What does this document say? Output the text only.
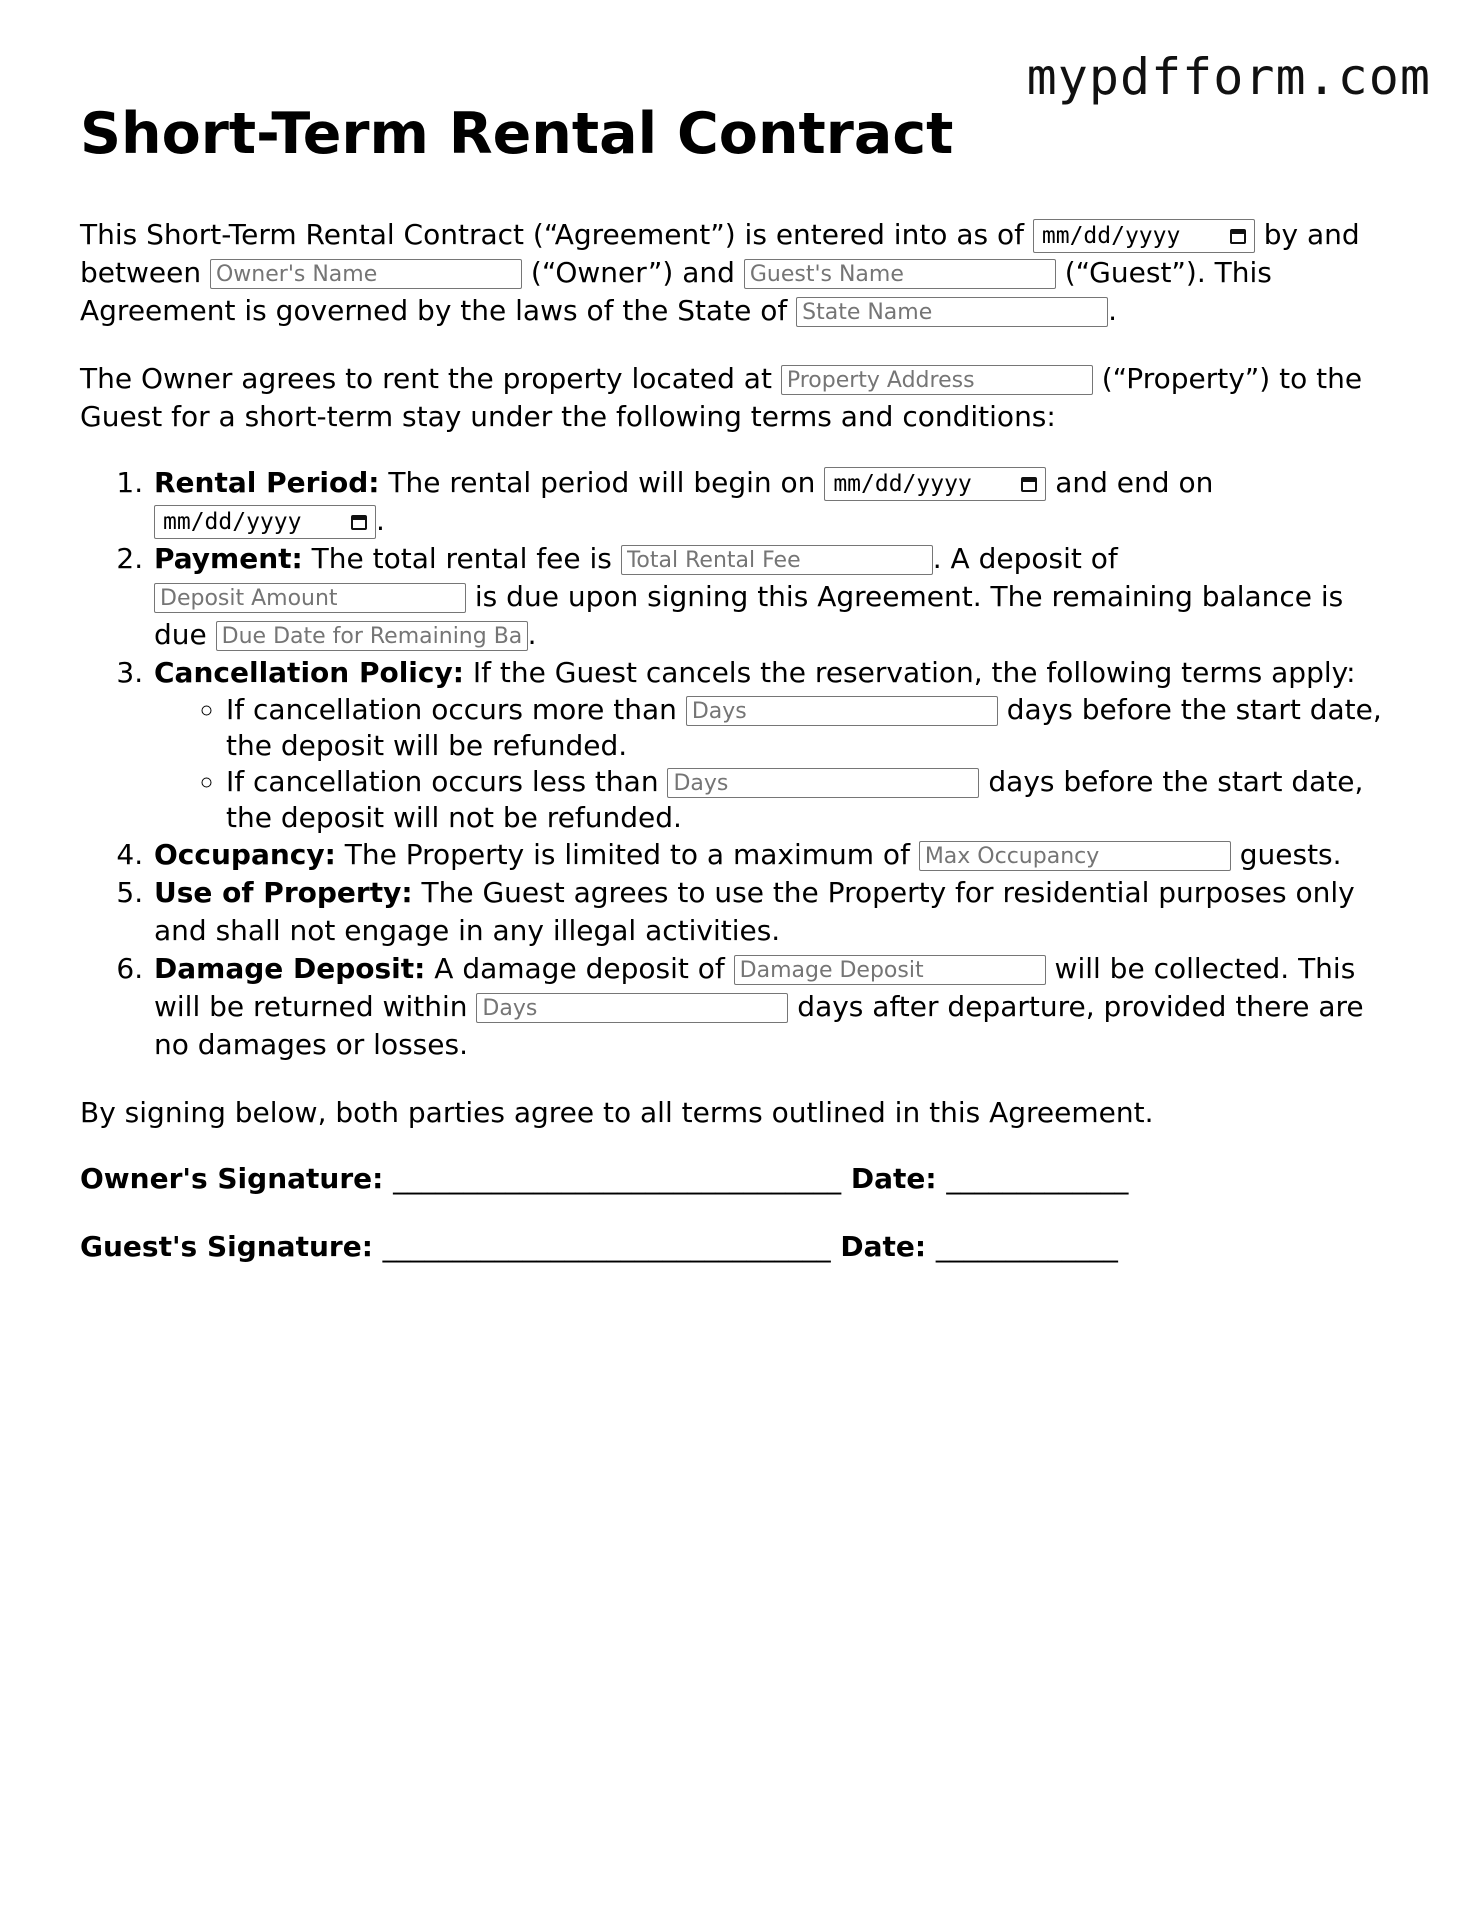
mypdfform.com
Short-Term Rental Contract

This Short-Term Rental Contract (“Agreement”) is entered into as of mm/dd/yyyy	by and between Owner's Name	(“Owner”) and Guest's Name	(“Guest”). This Agreement is governed by the laws of the State of State Name	.

The Owner agrees to rent the property located at Property Address	(“Property”) to the Guest for a short-term stay under the following terms and conditions:

1. Rental Period: The rental period will begin on mm/dd/yyyy	and end on
mm/dd/yyyy	.
2. Payment: The total rental fee is Total Rental Fee	. A deposit of Deposit Amount is due upon signing this Agreement. The remaining balance is due Due Date for Remaining Balance	.
3. Cancellation Policy: If the Guest cancels the reservation, the following terms apply:
◦ If cancellation occurs more than Days	days before the start date, the deposit will be refunded.
◦ If cancellation occurs less than Days	days before the start date, the deposit will not be refunded.
4. Occupancy: The Property is limited to a maximum of Max Occupancy	guests.
5. Use of Property: The Guest agrees to use the Property for residential purposes only and shall not engage in any illegal activities.
6. Damage Deposit: A damage deposit of Damage Deposit	will be collected. This will be returned within Days	days after departure, provided there are no damages or losses.

By signing below, both parties agree to all terms outlined in this Agreement.

Owner's Signature: ________________________________ Date: _____________

Guest's Signature: ________________________________ Date: _____________
